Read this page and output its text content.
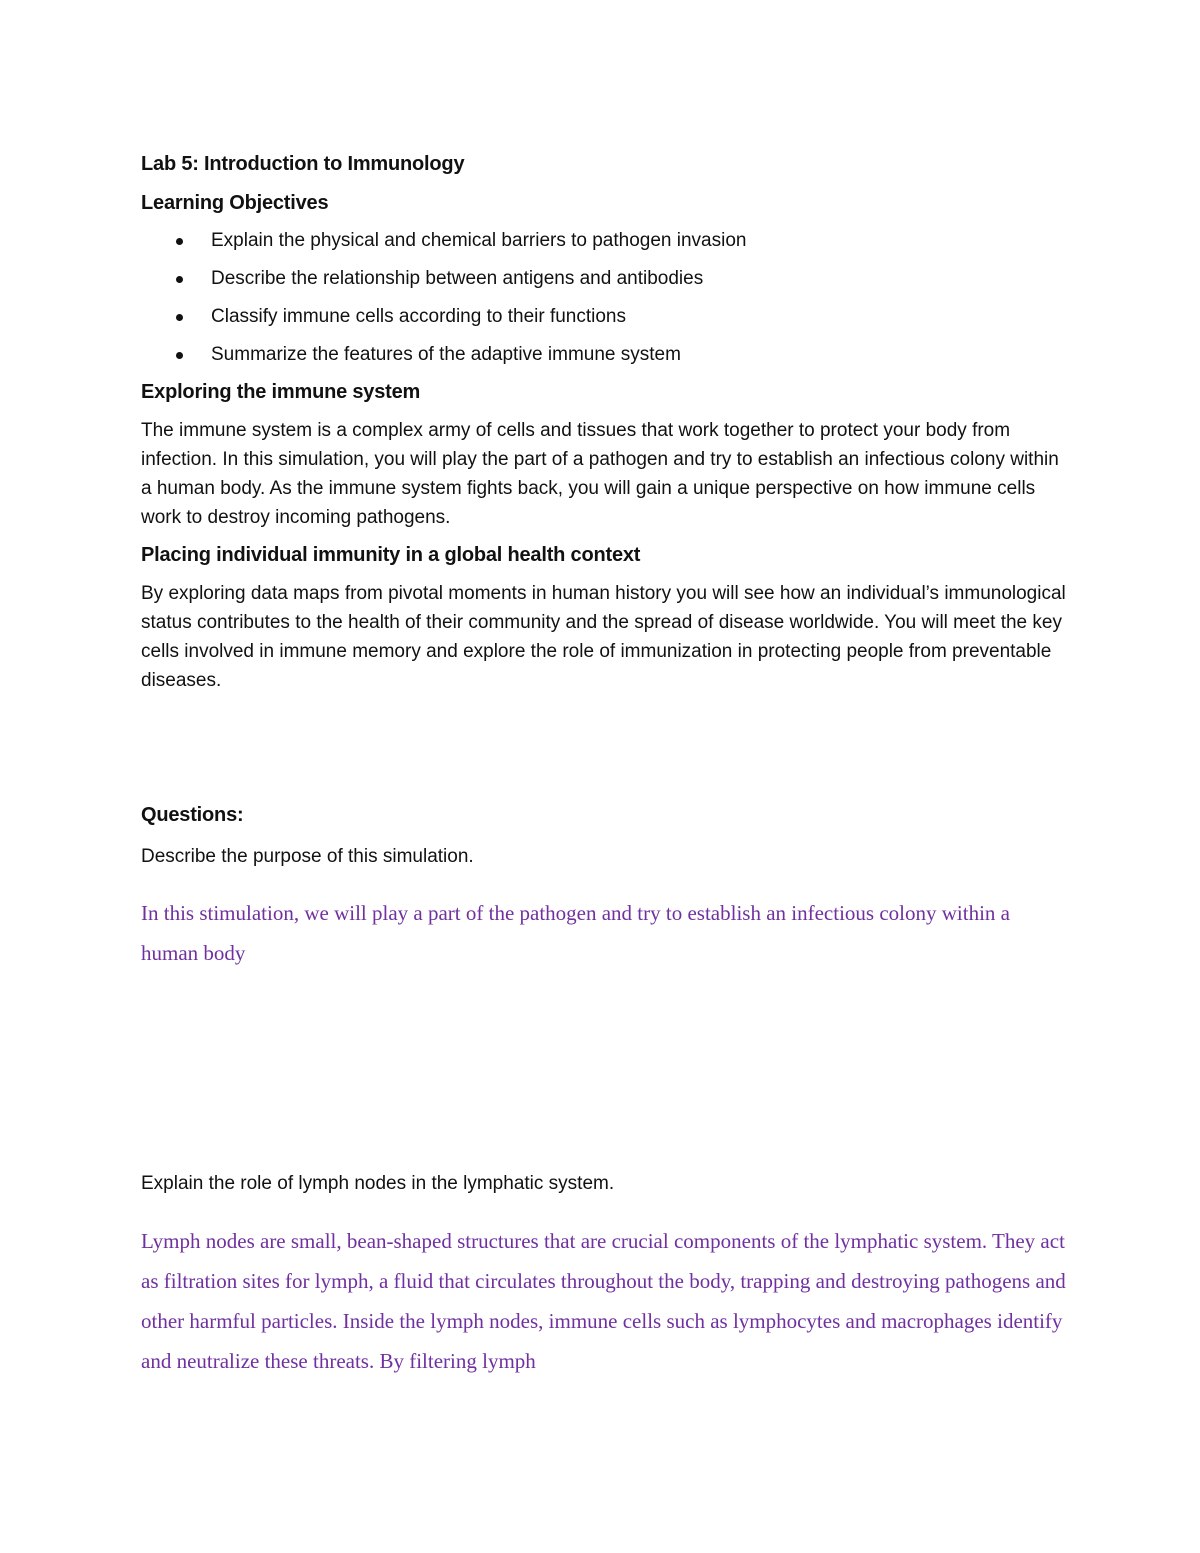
Lab 5: Introduction to Immunology
Learning Objectives
Explain the physical and chemical barriers to pathogen invasion
Describe the relationship between antigens and antibodies
Classify immune cells according to their functions
Summarize the features of the adaptive immune system
Exploring the immune system

The immune system is a complex army of cells and tissues that work together to protect your body from infection. In this simulation, you will play the part of a pathogen and try to establish an infectious colony within a human body. As the immune system fights back, you will gain a unique perspective on how immune cells work to destroy incoming pathogens.

Placing individual immunity in a global health context

By exploring data maps from pivotal moments in human history you will see how an individual’s immunological status contributes to the health of their community and the spread of disease worldwide. You will meet the key cells involved in immune memory and explore the role of immunization in protecting people from preventable diseases.

Questions:
Describe the purpose of this simulation.

In this stimulation, we will play a part of the pathogen and try to establish an infectious colony within a human body

Explain the role of lymph nodes in the lymphatic system.

Lymph nodes are small, bean-shaped structures that are crucial components of the lymphatic system. They act as filtration sites for lymph, a fluid that circulates throughout the body, trapping and destroying pathogens and other harmful particles. Inside the lymph nodes, immune cells such as lymphocytes and macrophages identify and neutralize these threats. By filtering lymph
